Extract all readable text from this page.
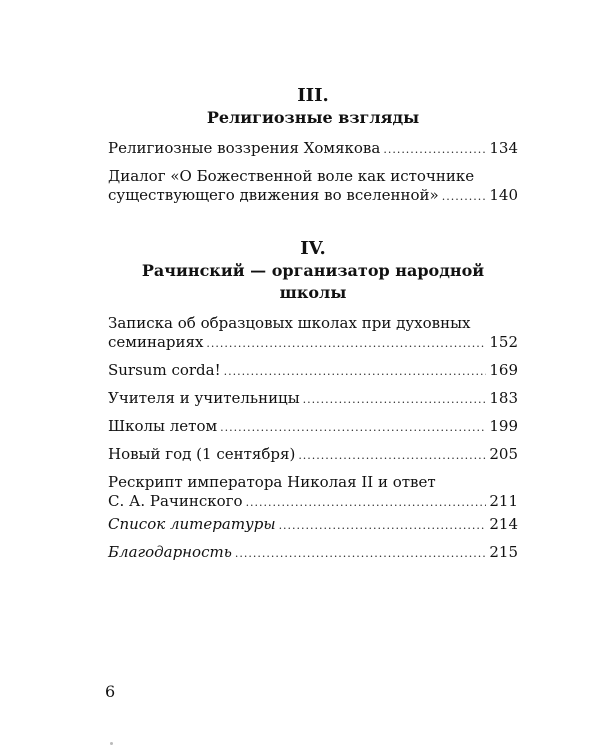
III.

Религиозные взгляды

Религиозные воззрения Хомякова .....	134
Диалог «О Божественной воле как источнике
существующего движения во вселенной» .....	140

IV.

Рачинский — организатор народной школы

Записка об образцовых школах при духовных
семинариях .....	152
Sursum corda! .....	169
Учителя и учительницы .....	183
Школы летом .....	199
Новый год (1 сентября) .....	205
Рескрипт императора Николая II и ответ
С. А. Рачинского .....	211
Список литературы .....	214
Благодарность .....	215
6
